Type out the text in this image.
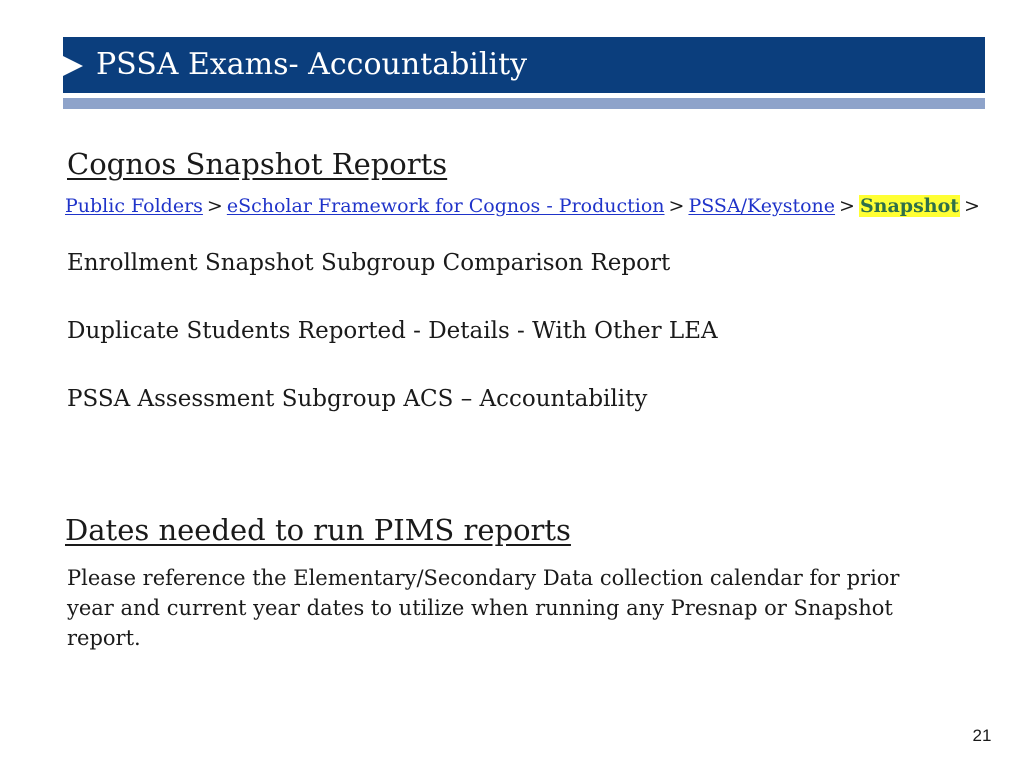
PSSA Exams- Accountability
Cognos Snapshot Reports
Public Folders > eScholar Framework for Cognos - Production > PSSA/Keystone > Snapshot >
Enrollment Snapshot Subgroup Comparison Report
Duplicate Students Reported - Details - With Other LEA
PSSA Assessment Subgroup ACS – Accountability
Dates needed to run PIMS reports
Please reference the Elementary/Secondary Data collection calendar for prior year and current year dates to utilize when running any Presnap or Snapshot report.
21
